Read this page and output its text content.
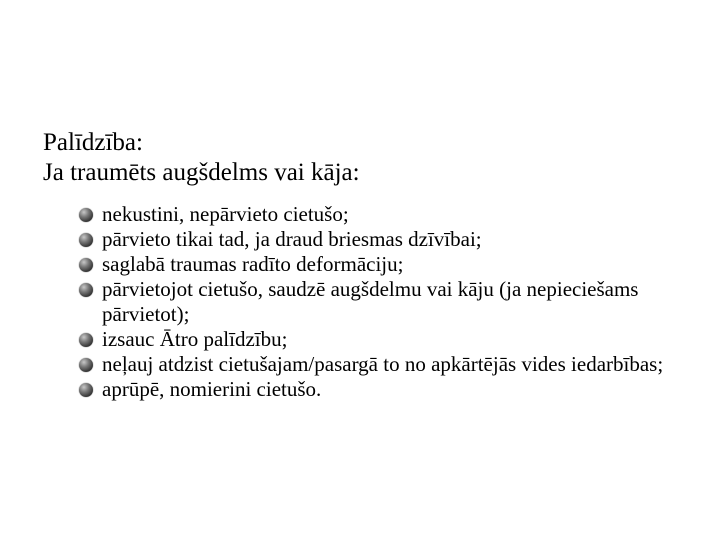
Palīdzība:
Ja traumēts augšdelms vai kāja:
nekustini, nepārvieto cietušo;
pārvieto tikai tad, ja draud briesmas dzīvībai;
saglabā traumas radīto deformāciju;
pārvietojot cietušo, saudzē augšdelmu vai kāju (ja nepieciešams pārvietot);
izsauc Ātro palīdzību;
neļauj atdzist cietušajam/pasargā to no apkārtējās vides iedarbības;
aprūpē, nomierini cietušo.
